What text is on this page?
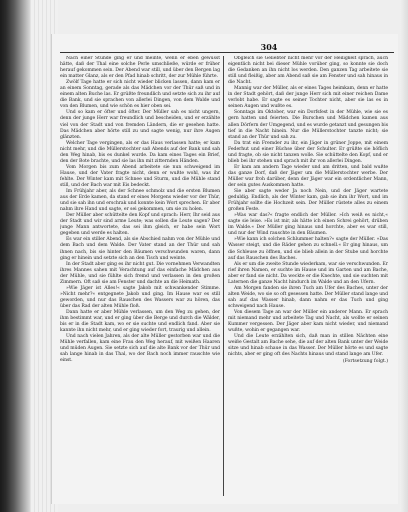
304

Nach einer Stunde ging er und meinte, wenn er eben gewusst hätte, daß der Thal eine solche Perle umschließe, würde er früher herauf gekommen sein. Der Abend war still, und über den Bergen lag ein matter Glanz, als er den Pfad hinab schritt, der zur Mühle führte.

Zwölf Tage hatte er sich nicht wieder blicken lassen, dann kam er an einem Sonntag, gerade als das Mädchen vor der Thür saß und in einem alten Buche las. Er grüßte freundlich und setzte sich zu ihr auf die Bank, und sie sprachen von allerlei Dingen, von dem Walde und von den Blumen, und wie schön es hier oben sei.

Und so kam er öfter und öfter. Der Müller sah es nicht ungern, denn der junge Herr war freundlich und bescheiden, und er erzählte viel von der Stadt und von fremden Ländern, die er gesehen hatte. Das Mädchen aber hörte still zu und sagte wenig, nur ihre Augen glänzten.

Welcher Tage vergingen, als er das Haus verlassen hatte; er kam nicht mehr, und die Müllerstochter saß Abends auf der Bank und sah den Weg hinab, bis es dunkel wurde. Da kam eines Tages ein Brief, den der Bote brachte, und sie las ihn mit zitternden Händen.

Vom Morgen bis zum Abend arbeitete sie nun schweigend im Hause, und der Vater fragte nicht, denn er wußte wohl, was ihr fehlte. Der Winter kam mit Schnee und Sturm, und die Mühle stand still, und der Bach war mit Eis bedeckt.

Im Frühjahr aber, als der Schnee schmolz und die ersten Blumen aus der Erde kamen, da stand er eines Morgens wieder vor der Thür, und sie sah ihn und erschrak und konnte kein Wort sprechen. Er aber nahm ihre Hand und sagte, er sei gekommen, um sie zu holen.

Der Müller aber schüttelte den Kopf und sprach: Herr, Ihr seid aus der Stadt und wir sind arme Leute; was sollen die Leute sagen? Der junge Mann antwortete, das sei ihm gleich, er habe sein Wort gegeben und werde es halten.

Es war ein stiller Abend, als sie Abschied nahm von der Mühle und dem Bach und dem Walde. Der Vater stand an der Thür und sah ihnen nach, bis sie hinter den Bäumen verschwunden waren, dann ging er hinein und setzte sich an den Tisch und weinte.

In der Stadt aber ging es ihr nicht gut. Die vornehmen Verwandten ihres Mannes sahen mit Verachtung auf das einfache Mädchen aus der Mühle, und sie fühlte sich fremd und verlassen in den großen Zimmern. Oft saß sie am Fenster und dachte an die Heimath.

»Wie Jäger ist Alles!« sagte Jakob mit schwankender Stimme. »Nicht mehr?« entgegnete Jakob und ging. Im Hause war es still geworden, und nur das Rauschen des Wassers war zu hören, das über das Rad der alten Mühle floß.

Dann hatte er aber Mühle verlassen, um den Weg zu gehen, der ihm bestimmt war, und er ging über die Berge und durch die Wälder, bis er in die Stadt kam, wo er sie suchte und endlich fand. Aber sie kannte ihn nicht mehr, und er ging wieder fort, traurig und allein.

Und nach vielen Jahren, als der alte Müller gestorben war und die Mühle verfallen, kam eine Frau den Weg herauf, mit weißen Haaren und müden Augen. Sie setzte sich auf die alte Bank vor der Thür und sah lange hinab in das Thal, wo der Bach noch immer rauschte wie einst.

Obgleich sie Geliebter nicht mehr vor der Heiligkeit sprach, auch eigentlich nicht bei dieser Mühle vorüber ging, so konnte sie doch die Gedanken an ihn nicht los werden. Den ganzen Tag arbeitete sie still und fleißig, aber am Abend saß sie am Fenster und sah hinaus in die Nacht.

Mannig war der Müller, als er eines Tages heimkam, denn er hatte in der Stadt gehört, daß der junge Herr sich mit einer reichen Dame verlobt habe. Er sagte es seiner Tochter nicht, aber sie las es in seinen Augen und wußte es.

Sonntags im Oktober, war ein Dorfsfest in der Mühle, wie sie es gern hatten und feierten. Die Burschen und Mädchen kamen aus allen Dörfern der Umgegend, und es wurde getanzt und gesungen bis tief in die Nacht hinein. Nur die Müllerstochter tanzte nicht; sie stand an der Thür und sah zu.

Da trat ein Fremder zu ihr, ein Jäger in grüner Joppe, mit einem Federhut und einer Büchse über der Schulter. Er grüßte sie höflich und fragte, ob sie nicht tanzen wolle. Sie schüttelte den Kopf, und er blieb bei ihr stehen und sprach mit ihr von allerlei Dingen.

Er kam am andern Tage wieder und am dritten, und bald wußte das ganze Dorf, daß der Jäger um die Müllerstochter werbe. Der Müller war froh darüber, denn der Jäger war ein ordentlicher Mann, der sein gutes Auskommen hatte.

Sie aber sagte weder Ja noch Nein, und der Jäger wartete geduldig. Endlich, als der Winter kam, gab sie ihm ihr Wort, und im Frühjahr sollte die Hochzeit sein. Der Müller rüstete alles zu einem großen Feste.

»Was war das?« fragte endlich der Müller. »Ich weiß es nicht,« sagte sie leise. »Es ist mir, als hätte ich einen Schrei gehört, drüben im Walde.« Der Müller ging hinaus und horchte, aber es war still, und nur der Wind rauschte in den Bäumen.

»Wie kann ich solchen Schlummer halten?« sagte der Müller. »Das Wasser steigt, und die Räder gehen zu schnell.« Er ging hinaus, um die Schleuse zu öffnen, und sie blieb allein in der Stube und horchte auf das Rauschen des Baches.

Als er um die zweite Stunde wiederkam, war sie verschwunden. Er rief ihren Namen, er suchte im Hause und im Garten und am Bache, aber er fand sie nicht. Da weckte er die Knechte, und sie suchten mit Laternen die ganze Nacht hindurch im Walde und an den Ufern.

Am Morgen fanden sie ihren Tuch am Ufer des Baches, unter der alten Weide, wo sie so oft gesessen hatte. Der Müller stand lange und sah auf das Wasser hinab, dann nahm er das Tuch und ging schweigend nach Hause.

Von diesem Tage an war der Müller ein anderer Mann. Er sprach mit niemand mehr und arbeitete Tag und Nacht, als wollte er seinen Kummer vergessen. Der Jäger aber kam nicht wieder, und niemand wußte, wohin er gegangen war.

Und die Leute erzählten sich, daß man in stillen Nächten eine weiße Gestalt am Bache sehe, die auf der alten Bank unter der Weide sitze und hinab schaue in das Wasser. Der Müller hörte es und sagte nichts, aber er ging oft des Nachts hinaus und stand lange am Ufer.

(Fortsetzung folgt.)
